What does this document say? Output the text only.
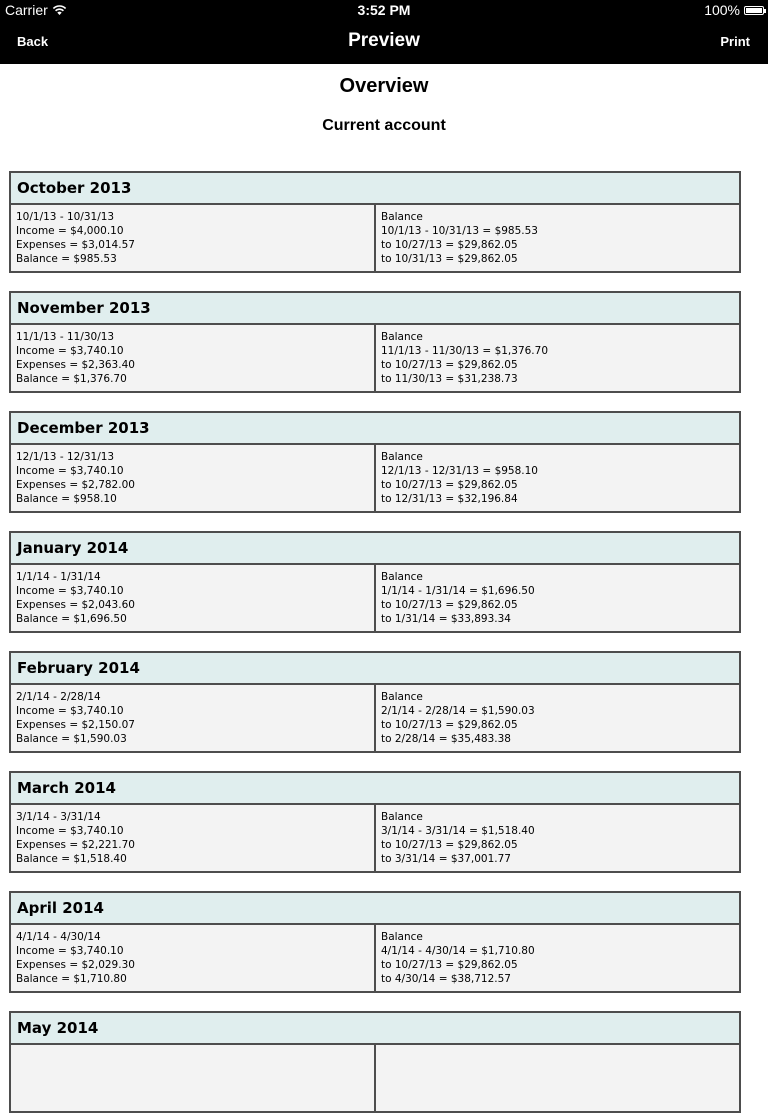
Carrier	3:52 PM	100%
Back	Preview	Print
Overview
Current account
October 2013
10/1/13 - 10/31/13
Income = $4,000.10
Expenses = $3,014.57
Balance = $985.53
Balance
10/1/13 - 10/31/13 = $985.53
to 10/27/13 = $29,862.05
to 10/31/13 = $29,862.05
November 2013
11/1/13 - 11/30/13
Income = $3,740.10
Expenses = $2,363.40
Balance = $1,376.70
Balance
11/1/13 - 11/30/13 = $1,376.70
to 10/27/13 = $29,862.05
to 11/30/13 = $31,238.73
December 2013
12/1/13 - 12/31/13
Income = $3,740.10
Expenses = $2,782.00
Balance = $958.10
Balance
12/1/13 - 12/31/13 = $958.10
to 10/27/13 = $29,862.05
to 12/31/13 = $32,196.84
January 2014
1/1/14 - 1/31/14
Income = $3,740.10
Expenses = $2,043.60
Balance = $1,696.50
Balance
1/1/14 - 1/31/14 = $1,696.50
to 10/27/13 = $29,862.05
to 1/31/14 = $33,893.34
February 2014
2/1/14 - 2/28/14
Income = $3,740.10
Expenses = $2,150.07
Balance = $1,590.03
Balance
2/1/14 - 2/28/14 = $1,590.03
to 10/27/13 = $29,862.05
to 2/28/14 = $35,483.38
March 2014
3/1/14 - 3/31/14
Income = $3,740.10
Expenses = $2,221.70
Balance = $1,518.40
Balance
3/1/14 - 3/31/14 = $1,518.40
to 10/27/13 = $29,862.05
to 3/31/14 = $37,001.77
April 2014
4/1/14 - 4/30/14
Income = $3,740.10
Expenses = $2,029.30
Balance = $1,710.80
Balance
4/1/14 - 4/30/14 = $1,710.80
to 10/27/13 = $29,862.05
to 4/30/14 = $38,712.57
May 2014
